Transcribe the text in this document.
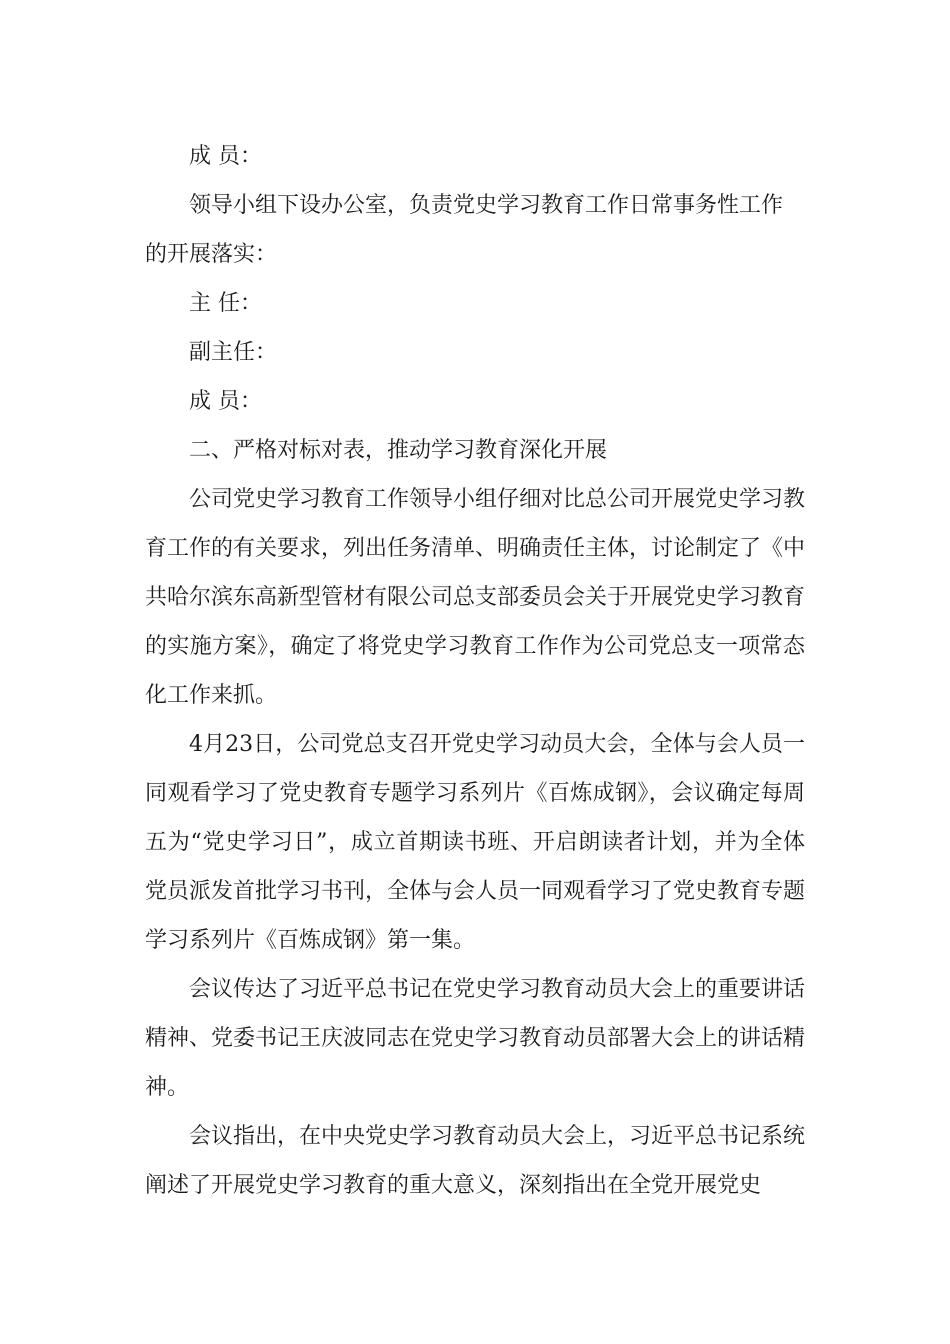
成 员：
领导小组下设办公室，负责党史学习教育工作日常事务性工作
的开展落实：
主 任：
副主任：
成 员：
二、严格对标对表，推动学习教育深化开展

公司党史学习教育工作领导小组仔细对比总公司开展党史学习教育工作的有关要求，列出任务清单、明确责任主体，讨论制定了《中共哈尔滨东高新型管材有限公司总支部委员会关于开展党史学习教育的实施方案》，确定了将党史学习教育工作作为公司党总支一项常态化工作来抓。

4月23日，公司党总支召开党史学习动员大会，全体与会人员一同观看学习了党史教育专题学习系列片《百炼成钢》，会议确定每周五为“党史学习日”，成立首期读书班、开启朗读者计划，并为全体党员派发首批学习书刊，全体与会人员一同观看学习了党史教育专题学习系列片《百炼成钢》第一集。

会议传达了习近平总书记在党史学习教育动员大会上的重要讲话精神、党委书记王庆波同志在党史学习教育动员部署大会上的讲话精神。

会议指出，在中央党史学习教育动员大会上，习近平总书记系统阐述了开展党史学习教育的重大意义，深刻指出在全党开展党史
